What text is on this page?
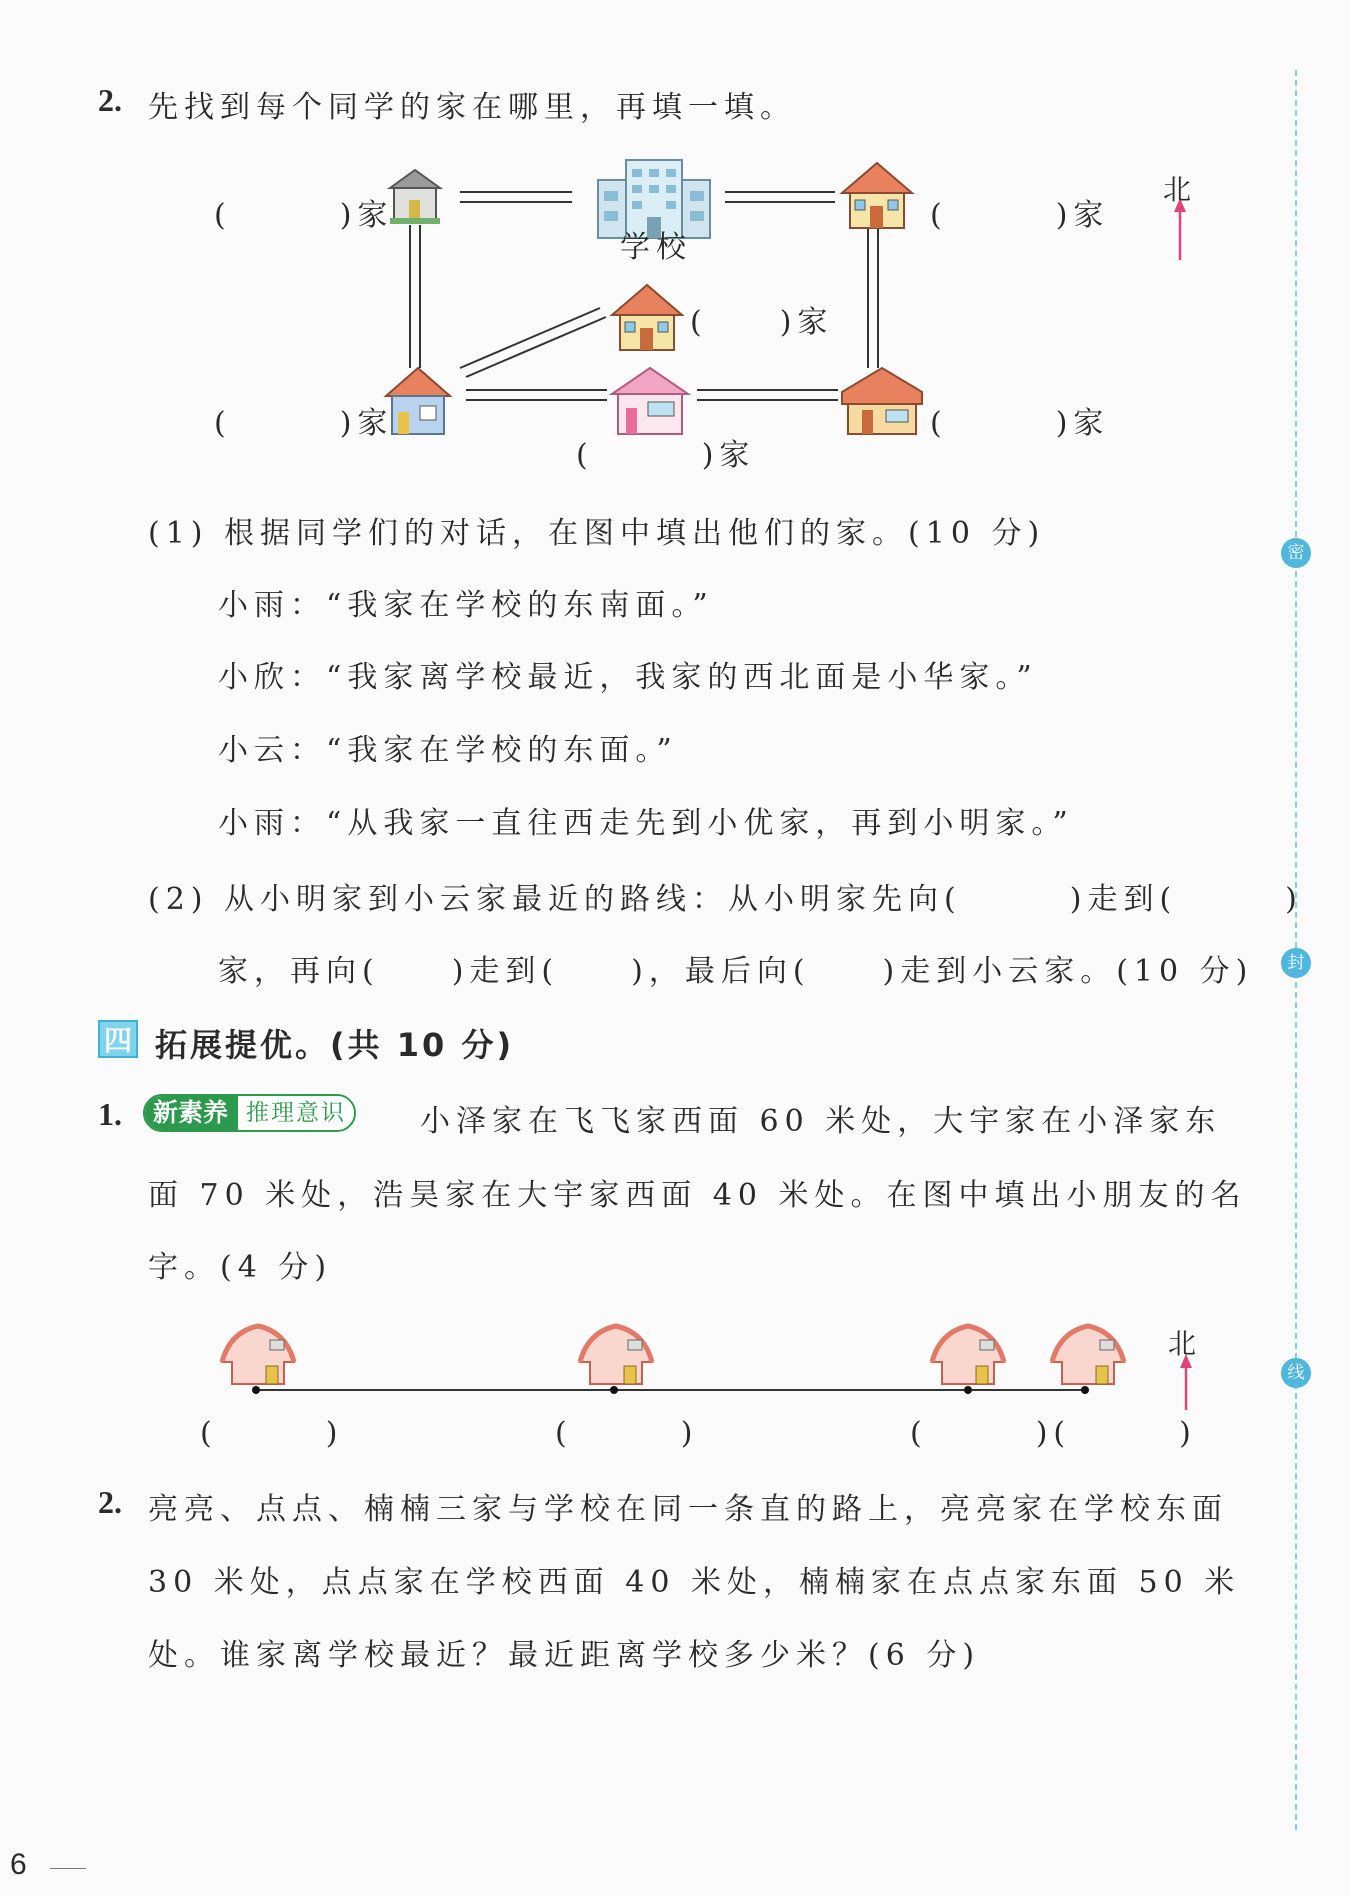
密
封
线
2. 先找到每个同学的家在哪里，再填一填。
(　　　)家
学校
(　　　)家
北
(　　)家
(　　　)家	(　　　)家
(　　　)家
(1) 根据同学们的对话，在图中填出他们的家。(10 分)
小雨：“我家在学校的东南面。”
小欣：“我家离学校最近，我家的西北面是小华家。”
小云：“我家在学校的东面。”
小雨：“从我家一直往西走先到小优家，再到小明家。”
(2) 从小明家到小云家最近的路线：从小明家先向(　　　)走到(　　　)
家，再向(　　)走到(　　)，最后向(　　)走到小云家。(10 分)
四 拓展提优。(共 10 分)
1.	新素养 推理意识 小泽家在飞飞家西面 60 米处，大宇家在小泽家东
面 70 米处，浩昊家在大宇家西面 40 米处。在图中填出小朋友的名
字。(4 分)
北
(　　　)	(　　　)	(　　　)(　　　)
2. 亮亮、点点、楠楠三家与学校在同一条直的路上，亮亮家在学校东面
30 米处，点点家在学校西面 40 米处，楠楠家在点点家东面 50 米
处。谁家离学校最近？最近距离学校多少米？(6 分)
6
